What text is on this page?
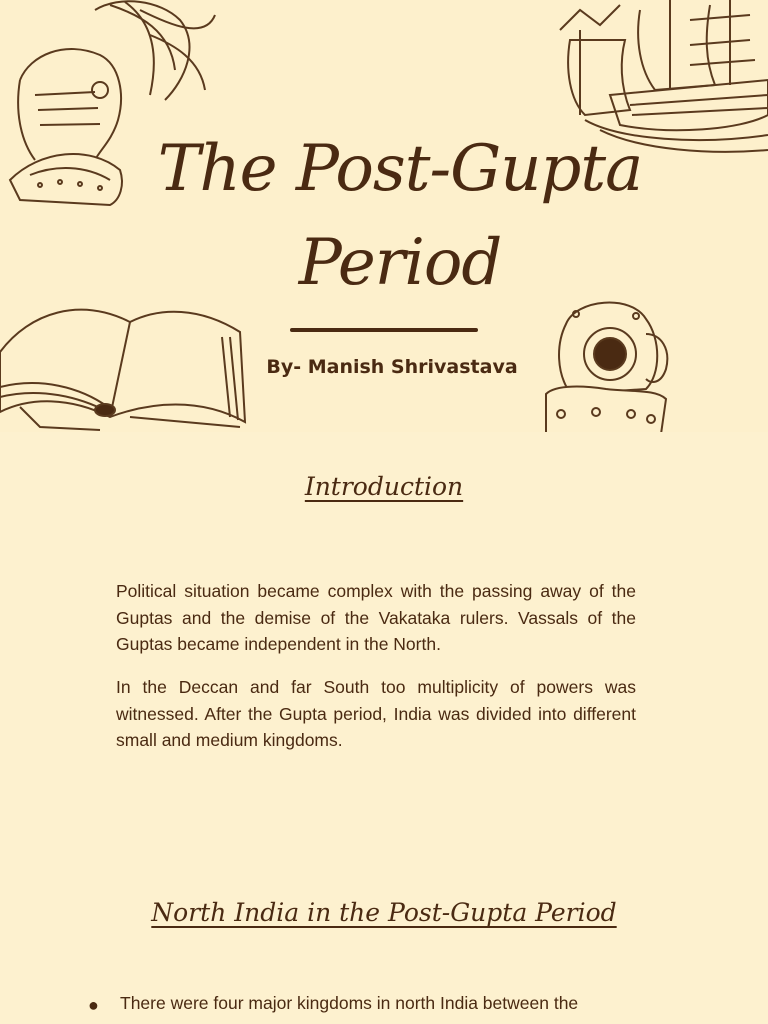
The Post-Gupta
Period
By- Manish Shrivastava
Introduction

Political situation became complex with the passing away of the Guptas and the demise of the Vakataka rulers. Vassals of the Guptas became independent in the North.

In the Deccan and far South too multiplicity of powers was witnessed. After the Gupta period, India was divided into different small and medium kingdoms.

North India in the Post-Gupta Period
● There were four major kingdoms in north India between the
